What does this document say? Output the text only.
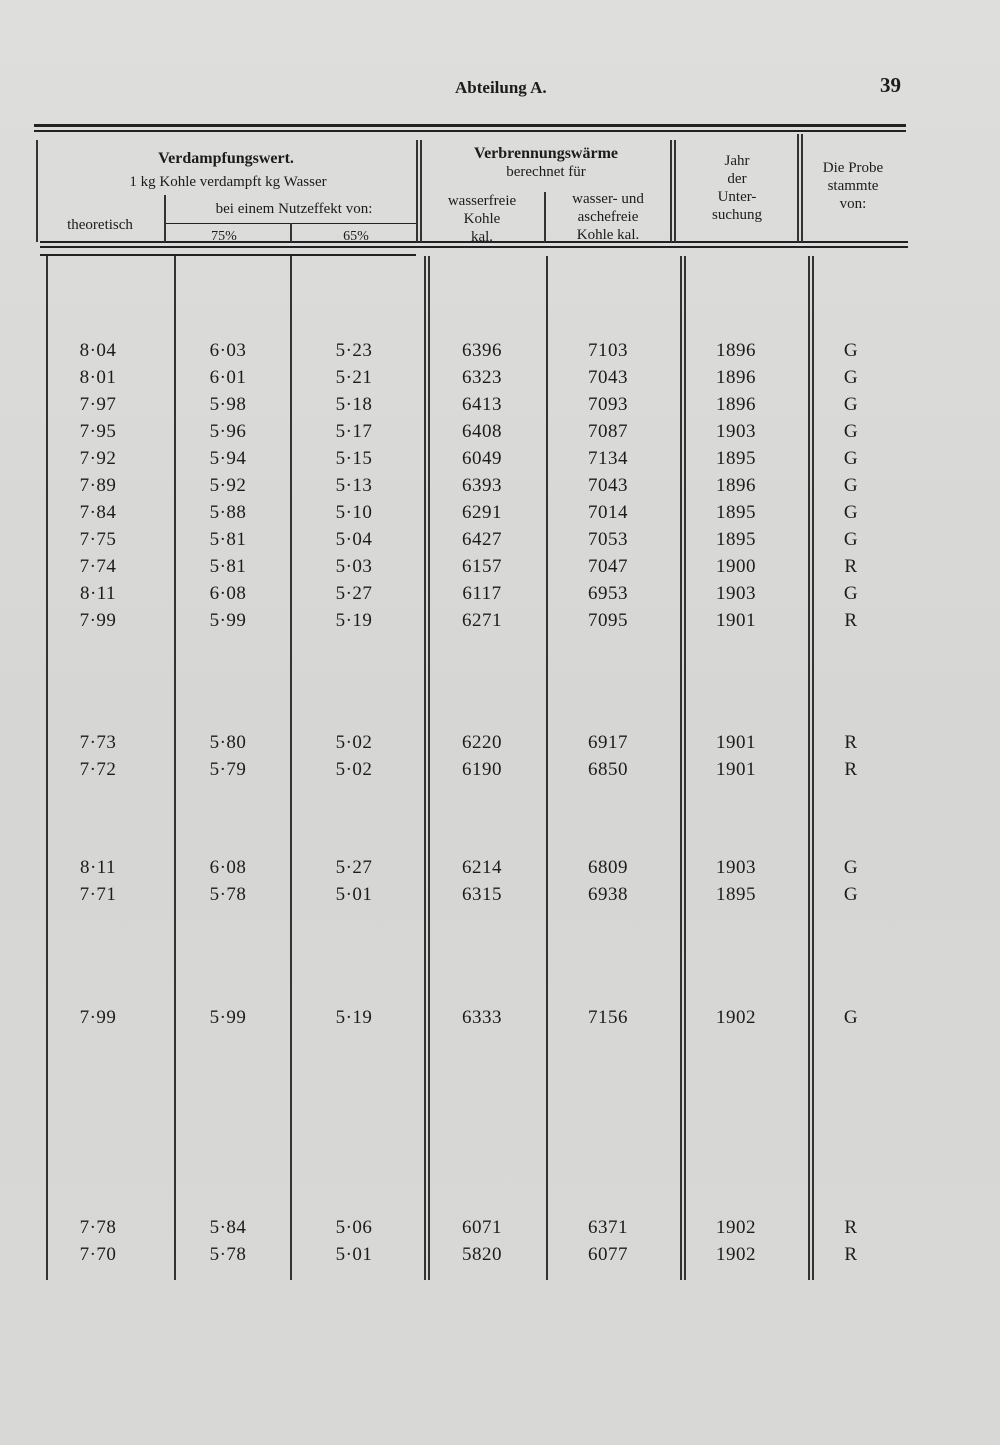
Abteilung A.	39
Verdampfungswert.
1 kg Kohle verdampft kg Wasser
theoretisch
bei einem Nutzeffekt von:
75%	65%
Verbrennungswärme
berechnet für
wasserfreie
Kohle
kal.
wasser- und
aschefreie
Kohle kal.
Jahr
der
Unter-
suchung
Die Probe
stammte
von:
8·04	6·03	5·23	6396	7103	1896	G
8·01	6·01	5·21	6323	7043	1896	G
7·97	5·98	5·18	6413	7093	1896	G
7·95	5·96	5·17	6408	7087	1903	G
7·92	5·94	5·15	6049	7134	1895	G
7·89	5·92	5·13	6393	7043	1896	G
7·84	5·88	5·10	6291	7014	1895	G
7·75	5·81	5·04	6427	7053	1895	G
7·74	5·81	5·03	6157	7047	1900	R
8·11	6·08	5·27	6117	6953	1903	G
7·99	5·99	5·19	6271	7095	1901	R
7·73	5·80	5·02	6220	6917	1901	R
7·72	5·79	5·02	6190	6850	1901	R
8·11	6·08	5·27	6214	6809	1903	G
7·71	5·78	5·01	6315	6938	1895	G
7·99	5·99	5·19	6333	7156	1902	G
7·78	5·84	5·06	6071	6371	1902	R
7·70	5·78	5·01	5820	6077	1902	R
